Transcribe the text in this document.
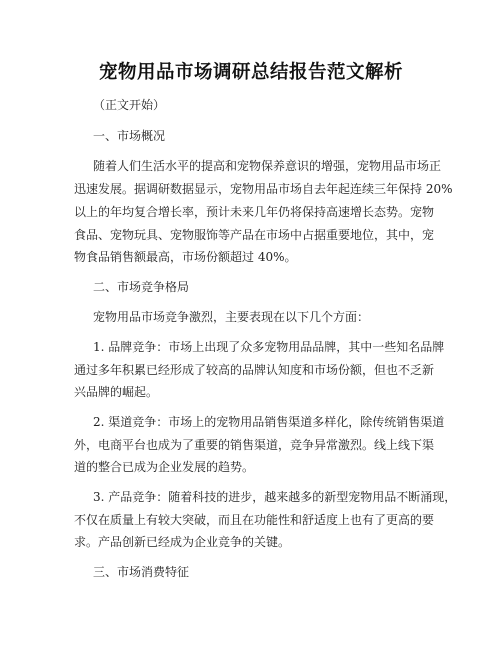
宠物用品市场调研总结报告范文解析
（正文开始）
一、市场概况
随着人们生活水平的提高和宠物保养意识的增强，宠物用品市场正
迅速发展。据调研数据显示，宠物用品市场自去年起连续三年保持 20%
以上的年均复合增长率，预计未来几年仍将保持高速增长态势。宠物
食品、宠物玩具、宠物服饰等产品在市场中占据重要地位，其中，宠
物食品销售额最高，市场份额超过 40%。
二、市场竞争格局
宠物用品市场竞争激烈，主要表现在以下几个方面：
1. 品牌竞争：市场上出现了众多宠物用品品牌，其中一些知名品牌
通过多年积累已经形成了较高的品牌认知度和市场份额，但也不乏新
兴品牌的崛起。
2. 渠道竞争：市场上的宠物用品销售渠道多样化，除传统销售渠道
外，电商平台也成为了重要的销售渠道，竞争异常激烈。线上线下渠
道的整合已成为企业发展的趋势。
3. 产品竞争：随着科技的进步，越来越多的新型宠物用品不断涌现，
不仅在质量上有较大突破，而且在功能性和舒适度上也有了更高的要
求。产品创新已经成为企业竞争的关键。
三、市场消费特征
